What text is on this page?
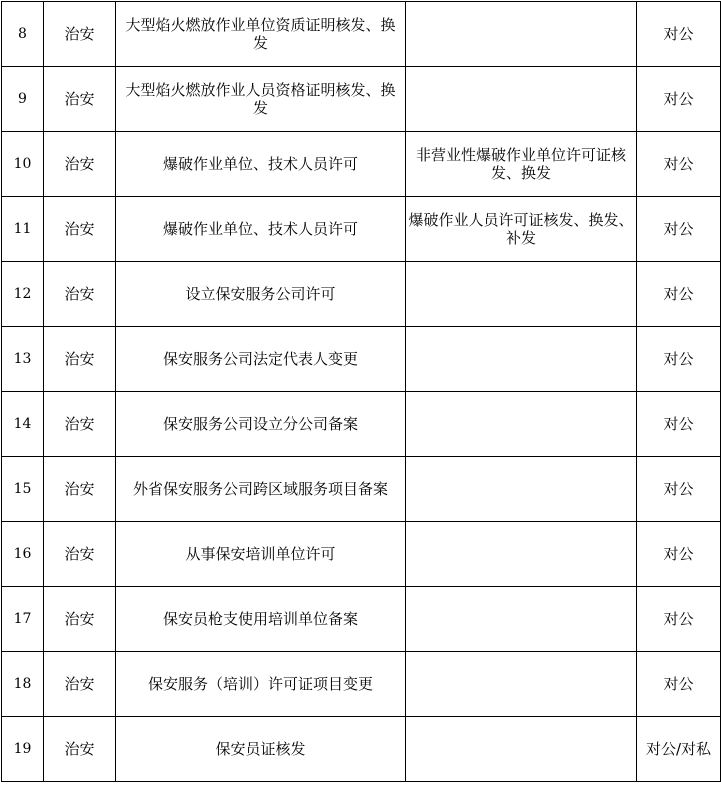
8	治安	大型焰火燃放作业单位资质证明核发、换发		对公
9	治安	大型焰火燃放作业人员资格证明核发、换发		对公
10	治安	爆破作业单位、技术人员许可	非营业性爆破作业单位许可证核发、换发	对公
11	治安	爆破作业单位、技术人员许可	爆破作业人员许可证核发、换发、补发	对公
12	治安	设立保安服务公司许可		对公
13	治安	保安服务公司法定代表人变更		对公
14	治安	保安服务公司设立分公司备案		对公
15	治安	外省保安服务公司跨区域服务项目备案		对公
16	治安	从事保安培训单位许可		对公
17	治安	保安员枪支使用培训单位备案		对公
18	治安	保安服务（培训）许可证项目变更		对公
19	治安	保安员证核发		对公/对私
